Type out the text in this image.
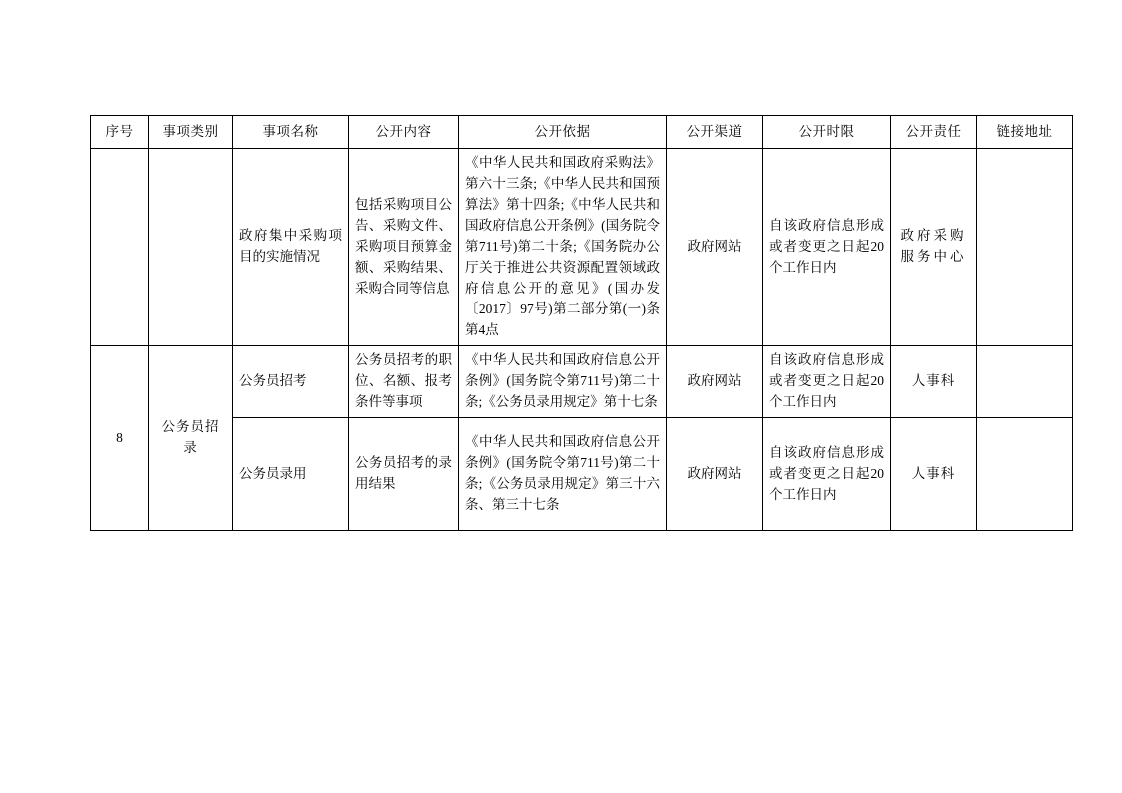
序号	事项类别	事项名称	公开内容	公开依据	公开渠道	公开时限	公开责任	链接地址
		政府集中采购项目的实施情况	包括采购项目公告、采购文件、采购项目预算金额、采购结果、采购合同等信息	《中华人民共和国政府采购法》第六十三条;《中华人民共和国预算法》第十四条;《中华人民共和国政府信息公开条例》(国务院令第711号)第二十条;《国务院办公厅关于推进公共资源配置领域政府信息公开的意见》(国办发〔2017〕97号)第二部分第(一)条第4点	政府网站	自该政府信息形成或者变更之日起20个工作日内	政府采购服务中心	
8	公务员招录	公务员招考	公务员招考的职位、名额、报考条件等事项	《中华人民共和国政府信息公开条例》(国务院令第711号)第二十条;《公务员录用规定》第十七条	政府网站	自该政府信息形成或者变更之日起20个工作日内	人事科	
		公务员录用	公务员招考的录用结果	《中华人民共和国政府信息公开条例》(国务院令第711号)第二十条;《公务员录用规定》第三十六条、第三十七条	政府网站	自该政府信息形成或者变更之日起20个工作日内	人事科	
